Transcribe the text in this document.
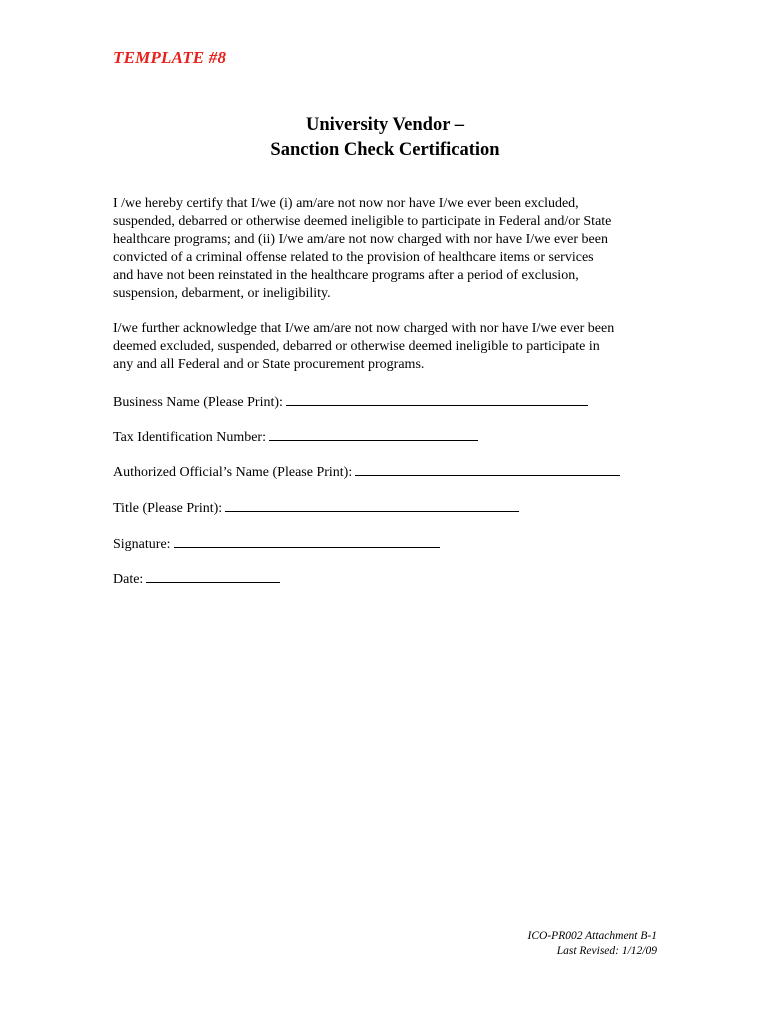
TEMPLATE #8
University Vendor –
Sanction Check Certification
I /we hereby certify that I/we (i) am/are not now nor have I/we ever been excluded,
suspended, debarred or otherwise deemed ineligible to participate in Federal and/or State
healthcare programs; and (ii) I/we am/are not now charged with nor have I/we ever been
convicted of a criminal offense related to the provision of healthcare items or services
and have not been reinstated in the healthcare programs after a period of exclusion,
suspension, debarment, or ineligibility.
I/we further acknowledge that I/we am/are not now charged with nor have I/we ever been
deemed excluded, suspended, debarred or otherwise deemed ineligible to participate in
any and all Federal and or State procurement programs.
Business Name (Please Print):
Tax Identification Number:
Authorized Official’s Name (Please Print):
Title (Please Print):
Signature:
Date:
ICO-PR002 Attachment B-1
Last Revised: 1/12/09
